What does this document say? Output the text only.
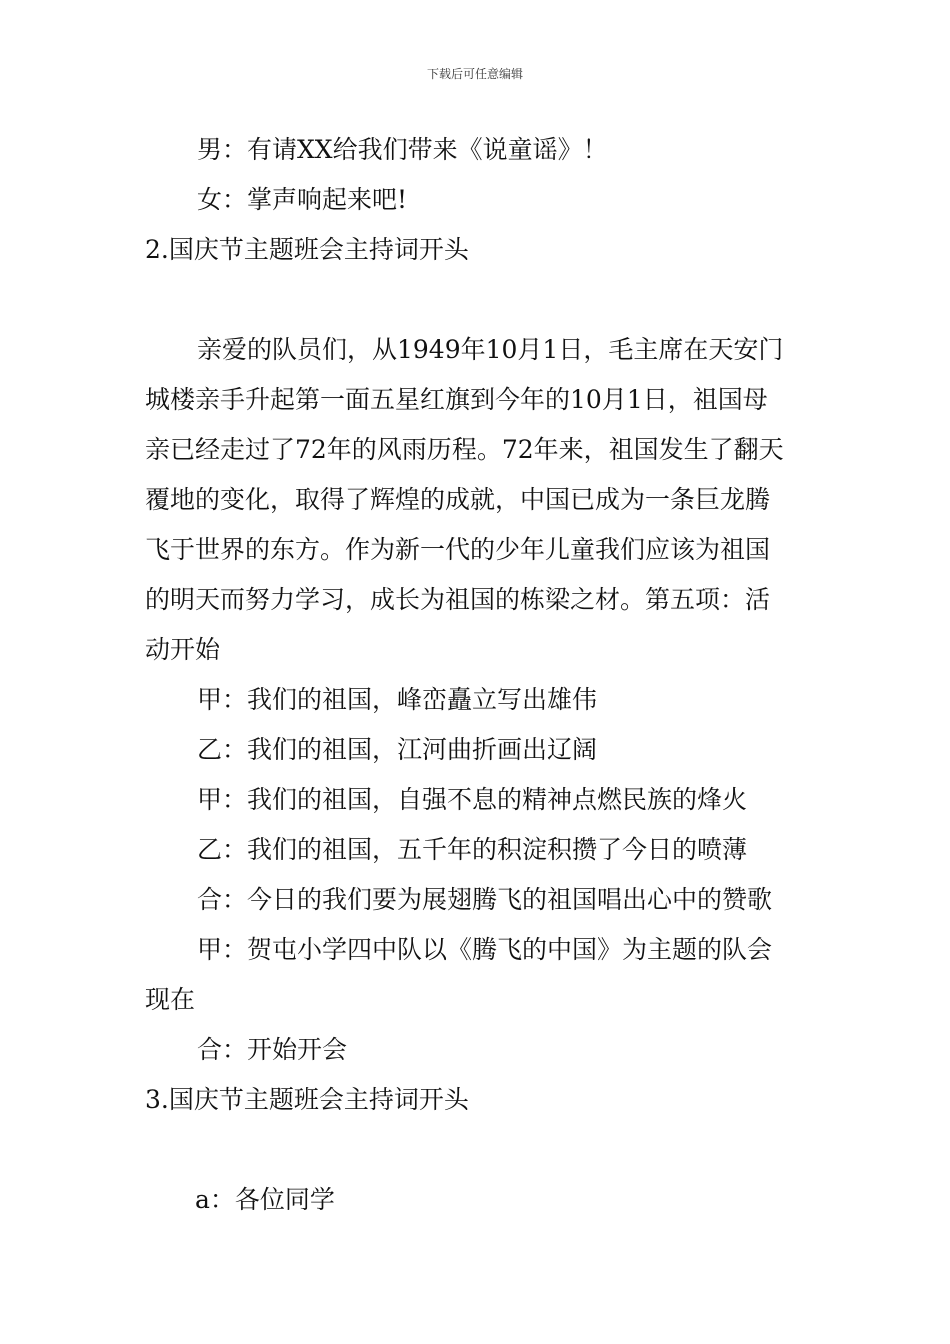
下载后可任意编辑
男：有请XX给我们带来《说童谣》！
女：掌声响起来吧!
2.国庆节主题班会主持词开头
亲爱的队员们，从1949年10月1日，毛主席在天安门
城楼亲手升起第一面五星红旗到今年的10月1日，祖国母
亲已经走过了72年的风雨历程。72年来，祖国发生了翻天
覆地的变化，取得了辉煌的成就，中国已成为一条巨龙腾
飞于世界的东方。作为新一代的少年儿童我们应该为祖国
的明天而努力学习，成长为祖国的栋梁之材。第五项：活
动开始
甲：我们的祖国，峰峦矗立写出雄伟
乙：我们的祖国，江河曲折画出辽阔
甲：我们的祖国，自强不息的精神点燃民族的烽火
乙：我们的祖国，五千年的积淀积攒了今日的喷薄
合：今日的我们要为展翅腾飞的祖国唱出心中的赞歌
甲：贺屯小学四中队以《腾飞的中国》为主题的队会
现在
合：开始开会
3.国庆节主题班会主持词开头
a：各位同学
